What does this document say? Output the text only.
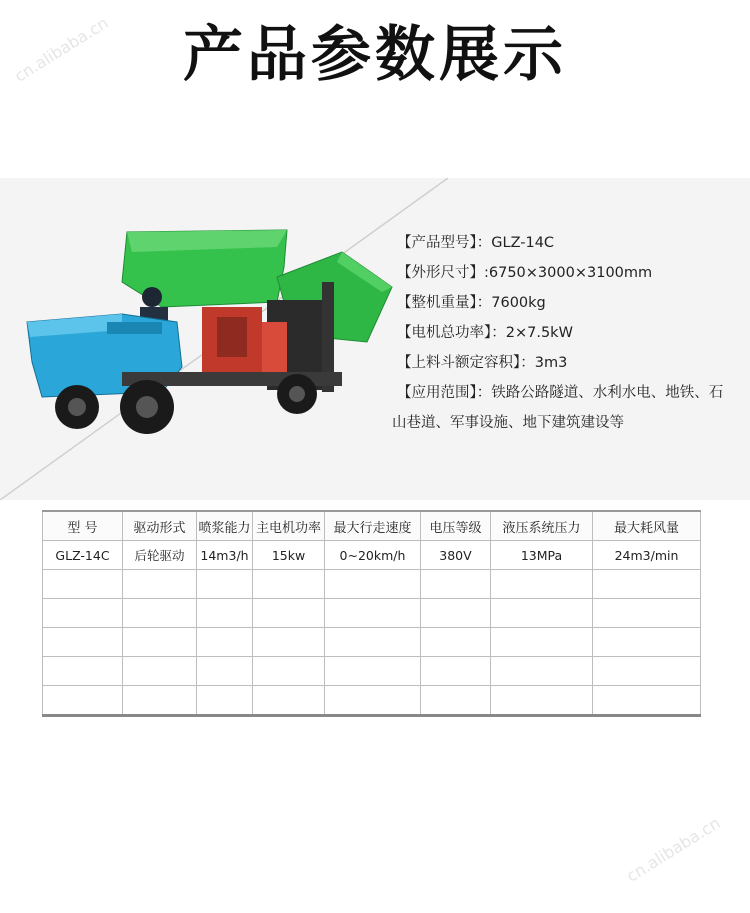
cn.alibaba.cn
cn.alibaba.cn
产品参数展示
【产品型号】：GLZ-14C
【外形尺寸】:6750×3000×3100mm
【整机重量】：7600kg
【电机总功率】：2×7.5kW
【上料斗额定容积】：3m3
【应用范围】：铁路公路隧道、水利水电、地铁、石
山巷道、军事设施、地下建筑建设等
型 号	驱动形式	喷浆能力	主电机功率	最大行走速度	电压等级	液压系统压力	最大耗风量
GLZ-14C	后轮驱动	14m3/h	15kw	0~20km/h	380V	13MPa	24m3/min
